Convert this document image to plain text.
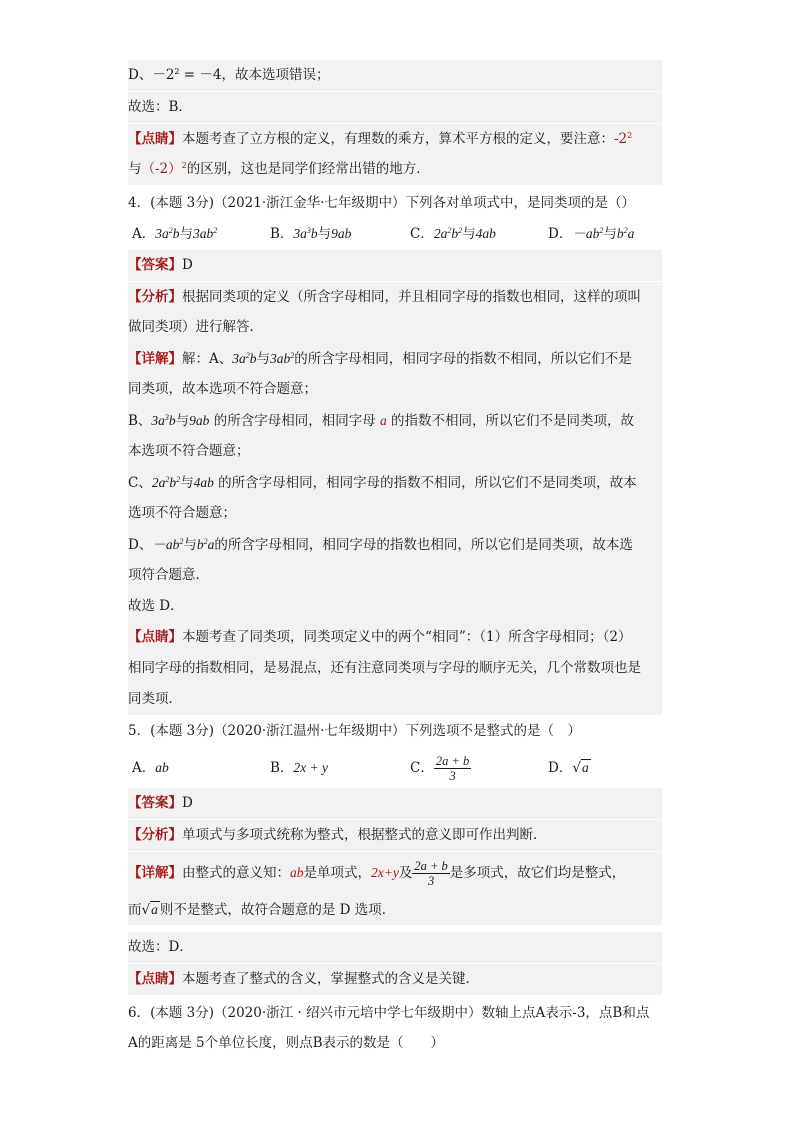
D、$-2^2 = -4$，故本选项错误；
故选：B．
【点睛】本题考查了立方根的定义，有理数的乘方，算术平方根的定义，要注意：$-2^2$
与$(-2)^2$的区别，这也是同学们经常出错的地方．
4．(本题 3分)（2021·浙江金华·七年级期中）下列各对单项式中，是同类项的是（）
A．$3a^2b$与$3ab^2$	B．$3a^3b$与9ab	C．$2a^2b^2$与4ab	D．$-ab^2$与$b^2a$
【答案】D
【分析】根据同类项的定义（所含字母相同，并且相同字母的指数也相同，这样的项叫
做同类项）进行解答．
【详解】解：A、$3a^2b$与$3ab^2$的所含字母相同，相同字母的指数不相同，所以它们不是
同类项，故本选项不符合题意；
B、$3a^3b$与9ab 的所含字母相同，相同字母 a 的指数不相同，所以它们不是同类项，故
本选项不符合题意；
C、$2a^2b^2$与4ab 的所含字母相同，相同字母的指数不相同，所以它们不是同类项，故本
选项不符合题意；
D、$-ab^2$与$b^2a$的所含字母相同，相同字母的指数也相同，所以它们是同类项，故本选
项符合题意．
故选 D．
【点睛】本题考查了同类项，同类项定义中的两个“相同”：（1）所含字母相同；（2）
相同字母的指数相同，是易混点，还有注意同类项与字母的顺序无关，几个常数项也是
同类项．
5．(本题 3分)（2020·浙江温州·七年级期中）下列选项不是整式的是（　）
A．ab	B．2x + y	C． $\frac{2a + b}{3}$	D．√a
【答案】D
【分析】单项式与多项式统称为整式，根据整式的意义即可作出判断．
【详解】由整式的意义知：ab是单项式，2x+y及 $\frac{2a + b}{3}$ 是多项式，故它们均是整式，
而√a 则不是整式，故符合题意的是 D 选项．
故选：D．
【点睛】本题考查了整式的含义，掌握整式的含义是关键．
6．(本题 3分)（2020·浙江 · 绍兴市元培中学七年级期中）数轴上点A表示-3，点B和点
A的距离是 5个单位长度，则点B表示的数是（　　）
